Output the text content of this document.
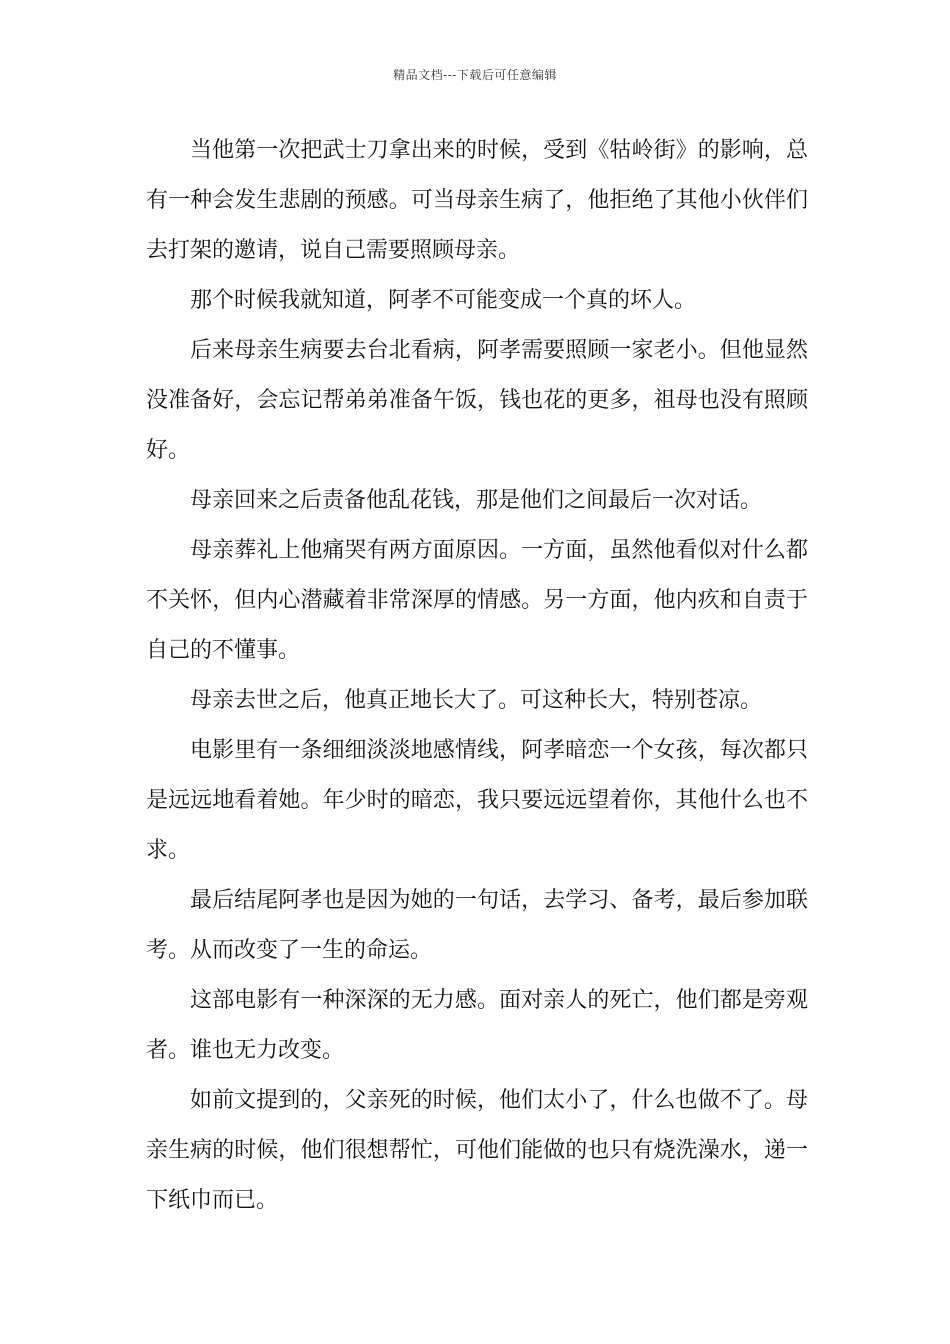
精品文档---下载后可任意编辑

当他第一次把武士刀拿出来的时候，受到《牯岭街》的影响，总有一种会发生悲剧的预感。可当母亲生病了，他拒绝了其他小伙伴们去打架的邀请，说自己需要照顾母亲。

那个时候我就知道，阿孝不可能变成一个真的坏人。

后来母亲生病要去台北看病，阿孝需要照顾一家老小。但他显然没准备好，会忘记帮弟弟准备午饭，钱也花的更多，祖母也没有照顾好。

母亲回来之后责备他乱花钱，那是他们之间最后一次对话。

母亲葬礼上他痛哭有两方面原因。一方面，虽然他看似对什么都不关怀，但内心潜藏着非常深厚的情感。另一方面，他内疚和自责于自己的不懂事。

母亲去世之后，他真正地长大了。可这种长大，特别苍凉。

电影里有一条细细淡淡地感情线，阿孝暗恋一个女孩，每次都只是远远地看着她。年少时的暗恋，我只要远远望着你，其他什么也不求。

最后结尾阿孝也是因为她的一句话，去学习、备考，最后参加联考。从而改变了一生的命运。

这部电影有一种深深的无力感。面对亲人的死亡，他们都是旁观者。谁也无力改变。

如前文提到的，父亲死的时候，他们太小了，什么也做不了。母亲生病的时候，他们很想帮忙，可他们能做的也只有烧洗澡水，递一下纸巾而已。
